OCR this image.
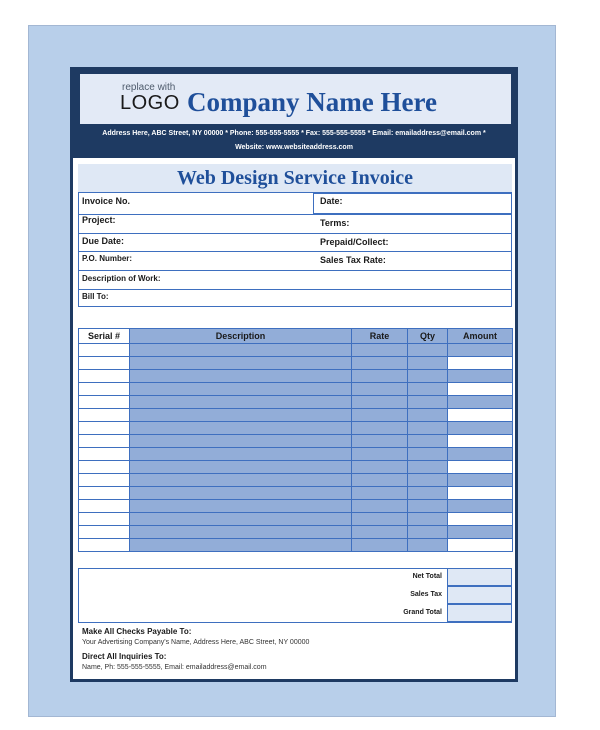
replace with
LOGO Company Name Here
Address Here, ABC Street, NY 00000 * Phone: 555-555-5555 * Fax: 555-555-5555 * Email: emailaddress@email.com *
Website: www.websiteaddress.com
Web Design Service Invoice
Invoice No.	Date:
Project:	Terms:
Due Date:	Prepaid/Collect:
P.O. Number:	Sales Tax Rate:
Description of Work:
Bill To:
Serial #	Description	Rate	Qty	Amount

Net Total
Sales Tax
Grand Total
Make All Checks Payable To:
Your Advertising Company's Name, Address Here, ABC Street, NY 00000
Direct All Inquiries To:
Name, Ph: 555-555-5555, Email: emailaddress@email.com
